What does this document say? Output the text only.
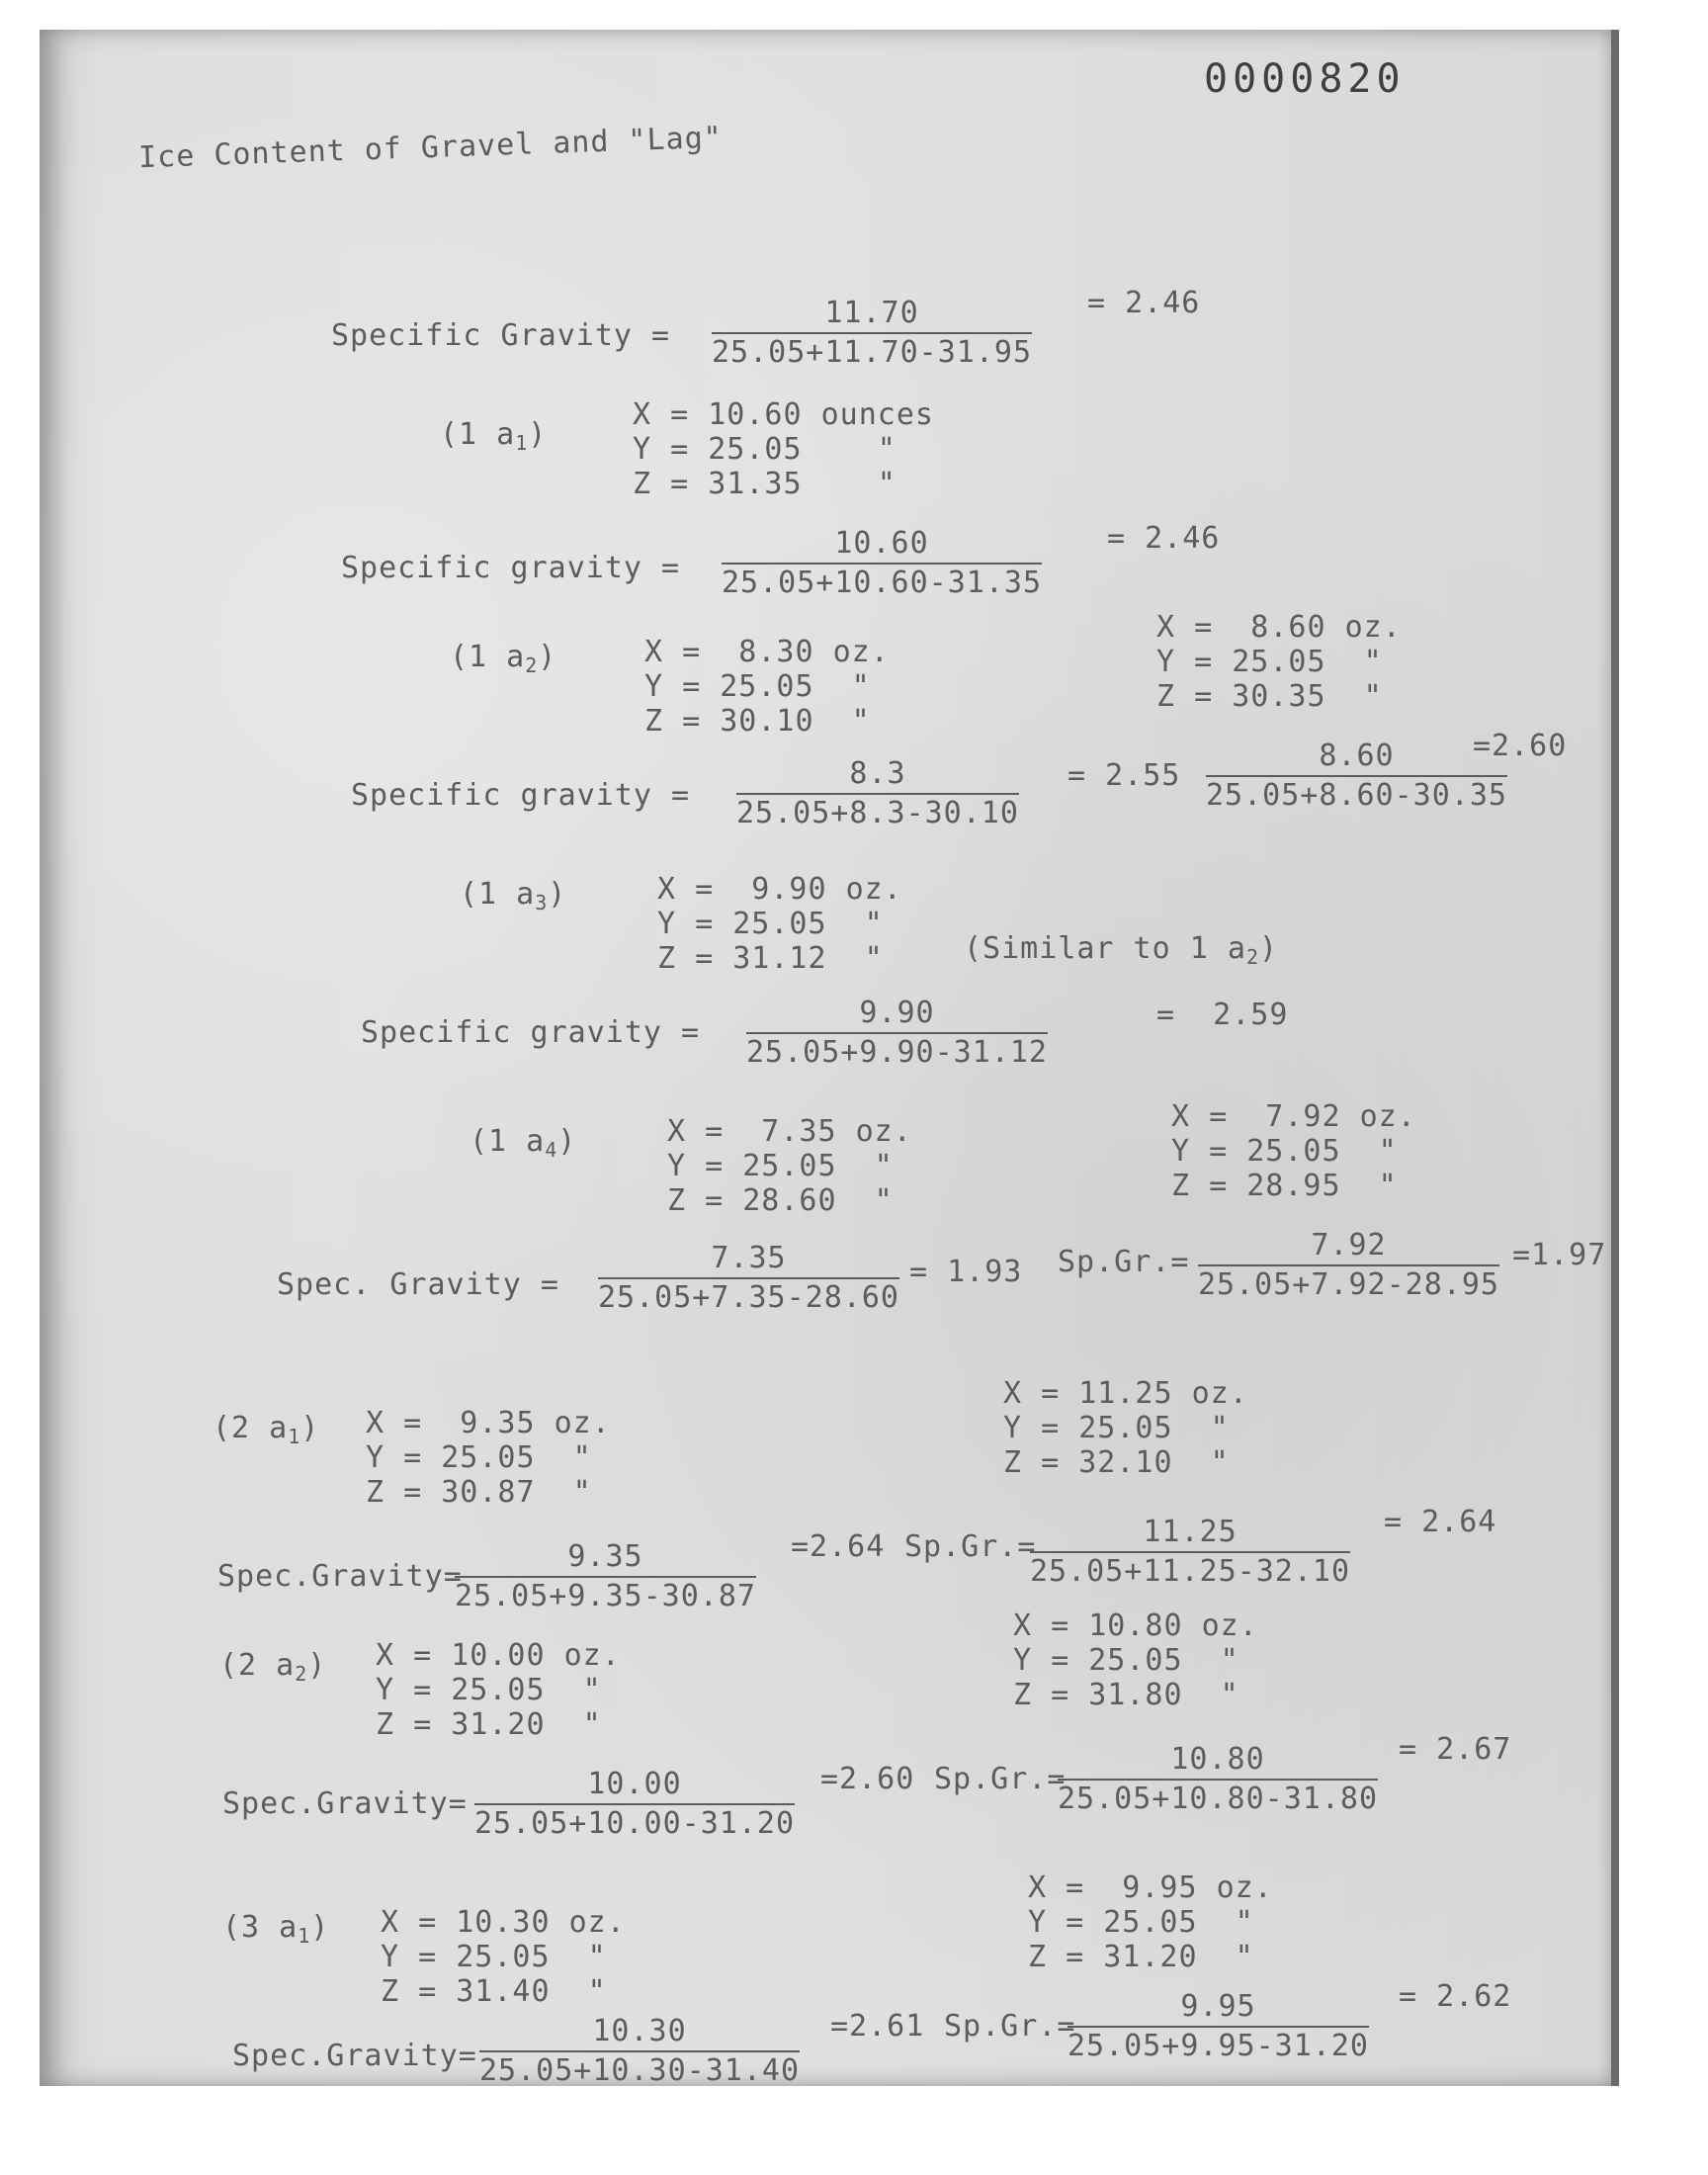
0000820
Ice Content of Gravel and "Lag"
Specific Gravity = $\frac{11.70}{25.05+11.70-31.95} = 2.46$
(1 $a_1$)
X = 10.60 ounces
Y = 25.05    "
Z = 31.35    "
Specific gravity = $\frac{10.60}{25.05+10.60-31.35} = 2.46$
(1 $a_2$)	X =  8.30 oz.
Y = 25.05  "
Z = 30.10  "
X =  8.60 oz.
Y = 25.05  "
Z = 30.35  "
Specific gravity = $\frac{8.3}{25.05+8.3-30.10} = 2.55 \frac{8.60}{25.05+8.60-30.35}$
=2.60
(1 $a_3$)	X =  9.90 oz.
Y = 25.05  "
Z = 31.12  "	(Similar to 1 $a_2$)
Specific gravity = $\frac{9.90}{25.05+9.90-31.12}$	=  2.59
(1 $a_4$)	X =  7.35 oz.
Y = 25.05  "
Z = 28.60  "
X =  7.92 oz.
Y = 25.05  "
Z = 28.95  "
Spec. Gravity = $\frac{7.35}{25.05+7.35-28.60} = 1.93$ $Sp.Gr.= \frac{7.92}{25.05+7.92-28.95} =1.97$
(2 $a_1$) X =  9.35 oz.
Y = 25.05  "
Z = 30.87  "
X = 11.25 oz.
Y = 25.05  "
Z = 32.10  "
Spec.Gravity=
$\frac{9.35}{25.05+9.35-30.87} =2.64$ Sp.Gr.=
$\frac{11.25}{25.05+11.25-32.10} = 2.64$
(2 $a_2$) X = 10.00 oz.
Y = 25.05  "
Z = 31.20  "
X = 10.80 oz.
Y = 25.05  "
Z = 31.80  "
Spec.Gravity= $\frac{10.00}{25.05+10.00-31.20} =2.60$ Sp.Gr.=
$\frac{10.80}{25.05+10.80-31.80} = 2.67$
(3 $a_1$) X = 10.30 oz.
Y = 25.05  "
Z = 31.40  "
X =  9.95 oz.
Y = 25.05  "
Z = 31.20  "
Spec.Gravity= $\frac{10.30}{25.05+10.30-31.40} =2.61$ Sp.Gr.=
$\frac{9.95}{25.05+9.95-31.20} = 2.62$
